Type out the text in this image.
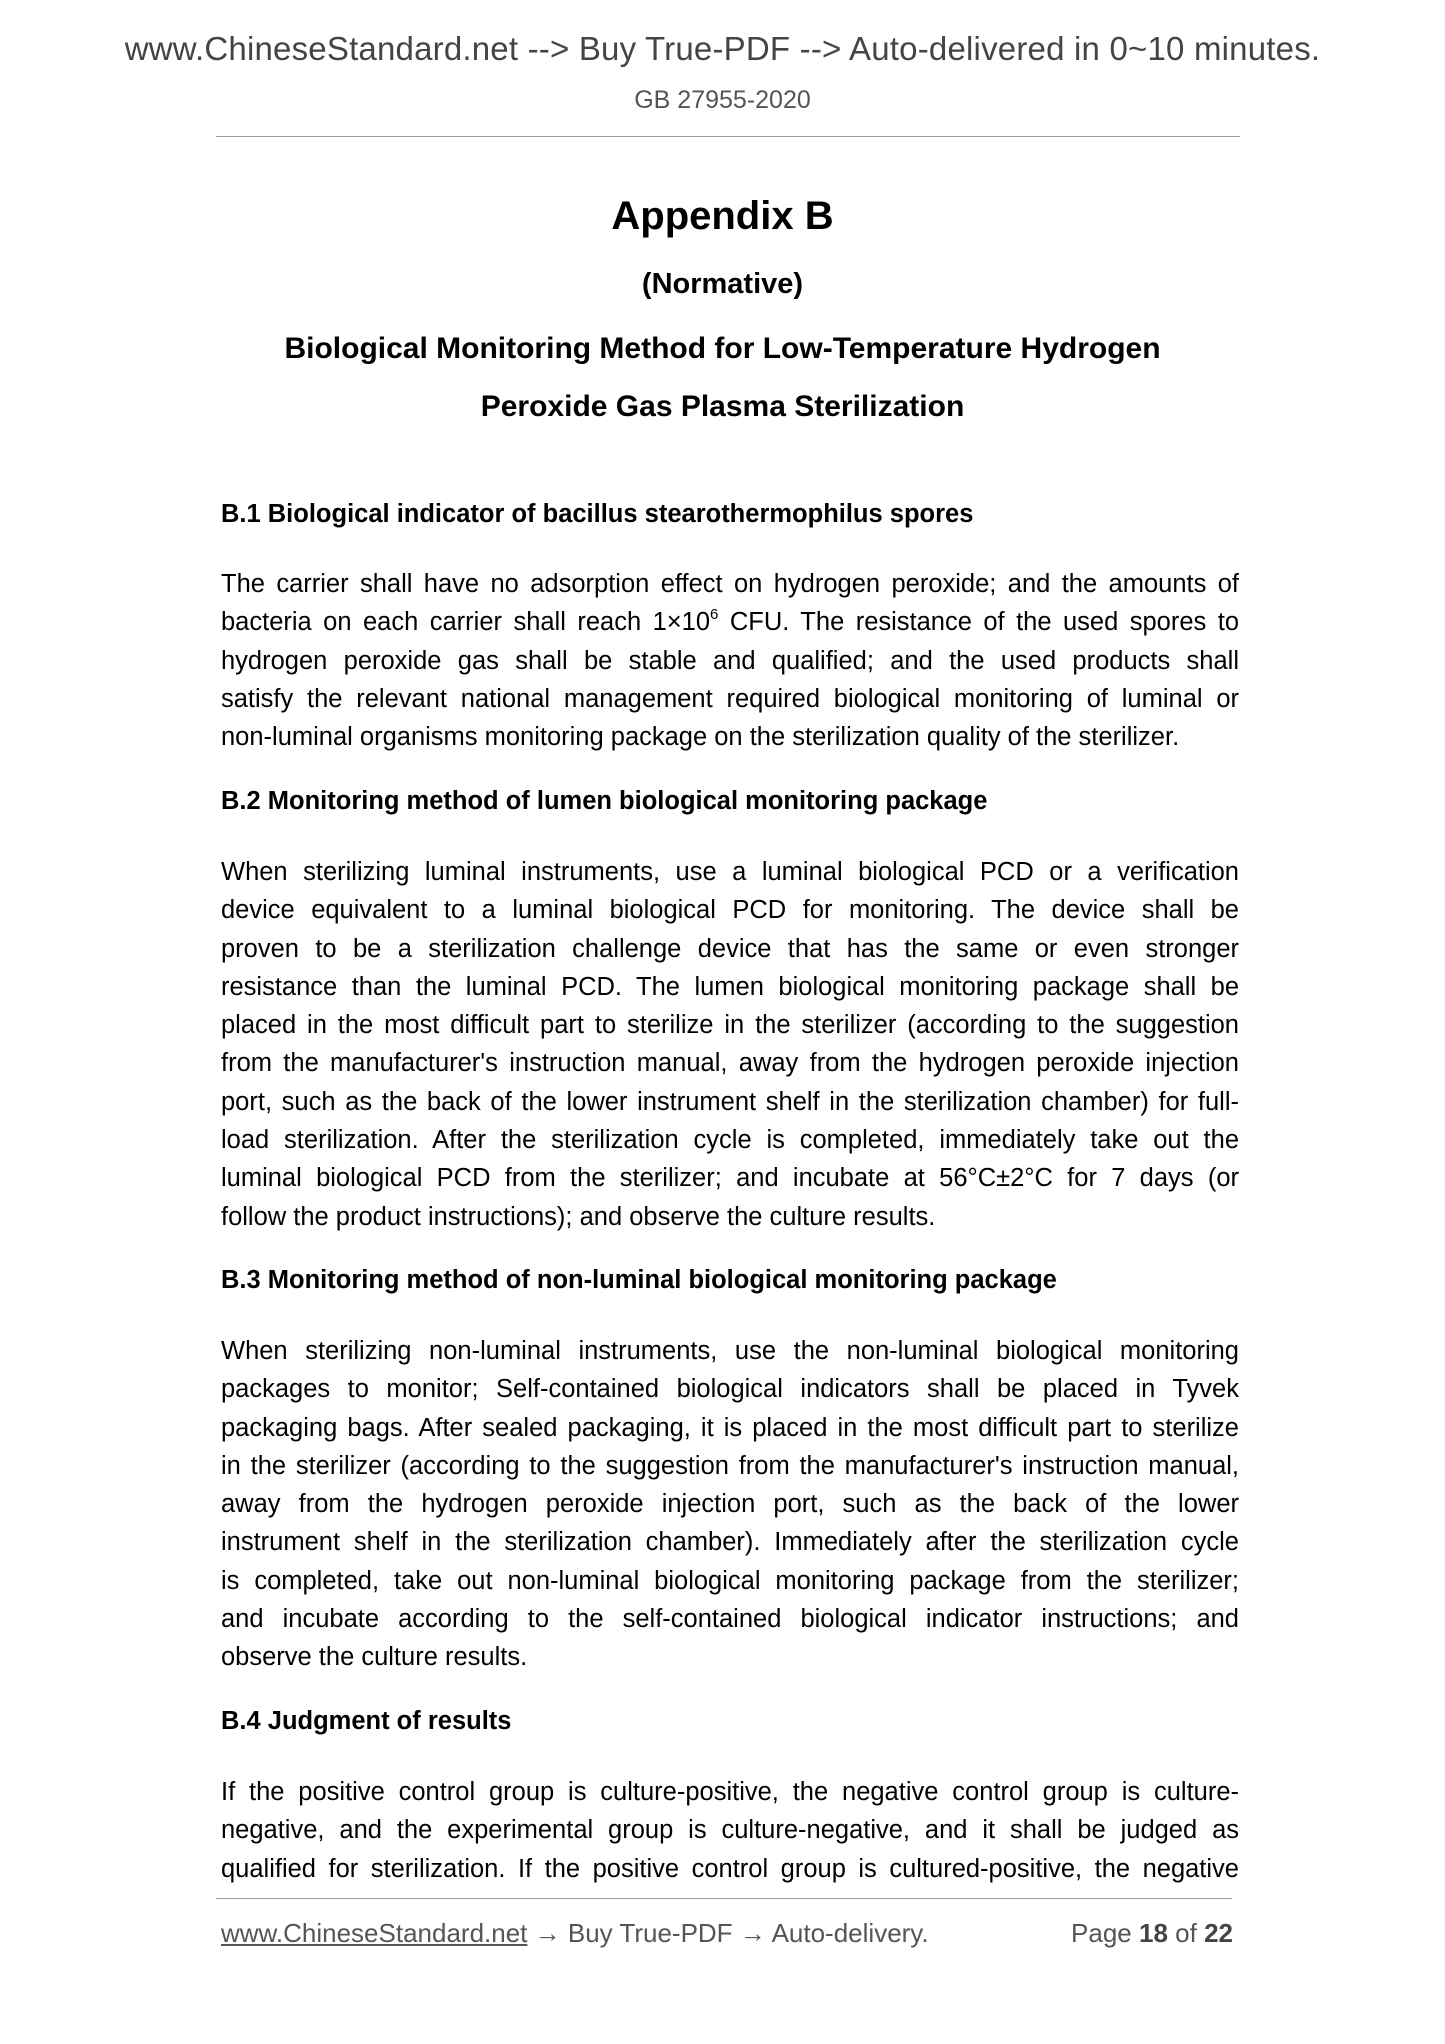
www.ChineseStandard.net --> Buy True-PDF --> Auto-delivered in 0~10 minutes.
GB 27955-2020
Appendix B
(Normative)
Biological Monitoring Method for Low-Temperature Hydrogen
Peroxide Gas Plasma Sterilization
B.1 Biological indicator of bacillus stearothermophilus spores
The carrier shall have no adsorption effect on hydrogen peroxide; and the amounts of
bacteria on each carrier shall reach $1\times 10^6$ CFU. The resistance of the used spores to
hydrogen peroxide gas shall be stable and qualified; and the used products shall
satisfy the relevant national management required biological monitoring of luminal or
non-luminal organisms monitoring package on the sterilization quality of the sterilizer.
B.2 Monitoring method of lumen biological monitoring package
When sterilizing luminal instruments, use a luminal biological PCD or a verification
device equivalent to a luminal biological PCD for monitoring. The device shall be
proven to be a sterilization challenge device that has the same or even stronger
resistance than the luminal PCD. The lumen biological monitoring package shall be
placed in the most difficult part to sterilize in the sterilizer (according to the suggestion
from the manufacturer's instruction manual, away from the hydrogen peroxide injection
port, such as the back of the lower instrument shelf in the sterilization chamber) for full-
load sterilization. After the sterilization cycle is completed, immediately take out the
luminal biological PCD from the sterilizer; and incubate at 56°C±2°C for 7 days (or
follow the product instructions); and observe the culture results.
B.3 Monitoring method of non-luminal biological monitoring package
When sterilizing non-luminal instruments, use the non-luminal biological monitoring
packages to monitor; Self-contained biological indicators shall be placed in Tyvek
packaging bags. After sealed packaging, it is placed in the most difficult part to sterilize
in the sterilizer (according to the suggestion from the manufacturer's instruction manual,
away from the hydrogen peroxide injection port, such as the back of the lower
instrument shelf in the sterilization chamber). Immediately after the sterilization cycle
is completed, take out non-luminal biological monitoring package from the sterilizer;
and incubate according to the self-contained biological indicator instructions; and
observe the culture results.
B.4 Judgment of results
If the positive control group is culture-positive, the negative control group is culture-
negative, and the experimental group is culture-negative, and it shall be judged as
qualified for sterilization. If the positive control group is cultured-positive, the negative
www.ChineseStandard.net → Buy True-PDF → Auto-delivery.	Page 18 of 22
